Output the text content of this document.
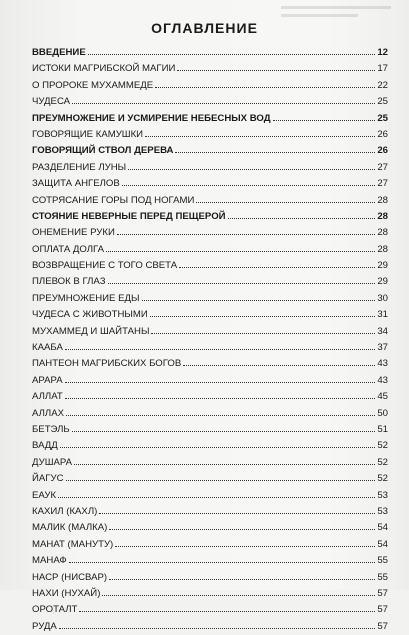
ОГЛАВЛЕНИЕ
ВВЕДЕНИЕ	12
ИСТОКИ МАГРИБСКОЙ МАГИИ	17
О ПРОРОКЕ МУХАММЕДЕ	22
ЧУДЕСА	25
ПРЕУМНОЖЕНИЕ И УСМИРЕНИЕ НЕБЕСНЫХ ВОД	25
ГОВОРЯЩИЕ КАМУШКИ	26
ГОВОРЯЩИЙ СТВОЛ ДЕРЕВА	26
РАЗДЕЛЕНИЕ ЛУНЫ	27
ЗАЩИТА АНГЕЛОВ	27
СОТРЯСАНИЕ ГОРЫ ПОД НОГАМИ	28
СТОЯНИЕ НЕВЕРНЫЕ ПЕРЕД ПЕЩЕРОЙ	28
ОНЕМЕНИЕ РУКИ	28
ОПЛАТА ДОЛГА	28
ВОЗВРАЩЕНИЕ С ТОГО СВЕТА	29
ПЛЕВОК В ГЛАЗ	29
ПРЕУМНОЖЕНИЕ ЕДЫ	30
ЧУДЕСА С ЖИВОТНЫМИ	31
МУХАММЕД И ШАЙТАНЫ	34
КААБА	37
ПАНТЕОН МАГРИБСКИХ БОГОВ	43
АРАРА	43
АЛЛАТ	45
АЛЛАХ	50
БЕТЭЛЬ	51
ВАДД	52
ДУШАРА	52
ЙАГУС	52
ЕАУК	53
КАХИЛ (КАХЛ)	53
МАЛИК (МАЛКА)	54
МАНАТ (МАНУТУ)	54
МАНАФ	55
НАСР (НИСВАР)	55
НАХИ (НУХАЙ)	57
ОРОТАЛТ	57
РУДА	57
